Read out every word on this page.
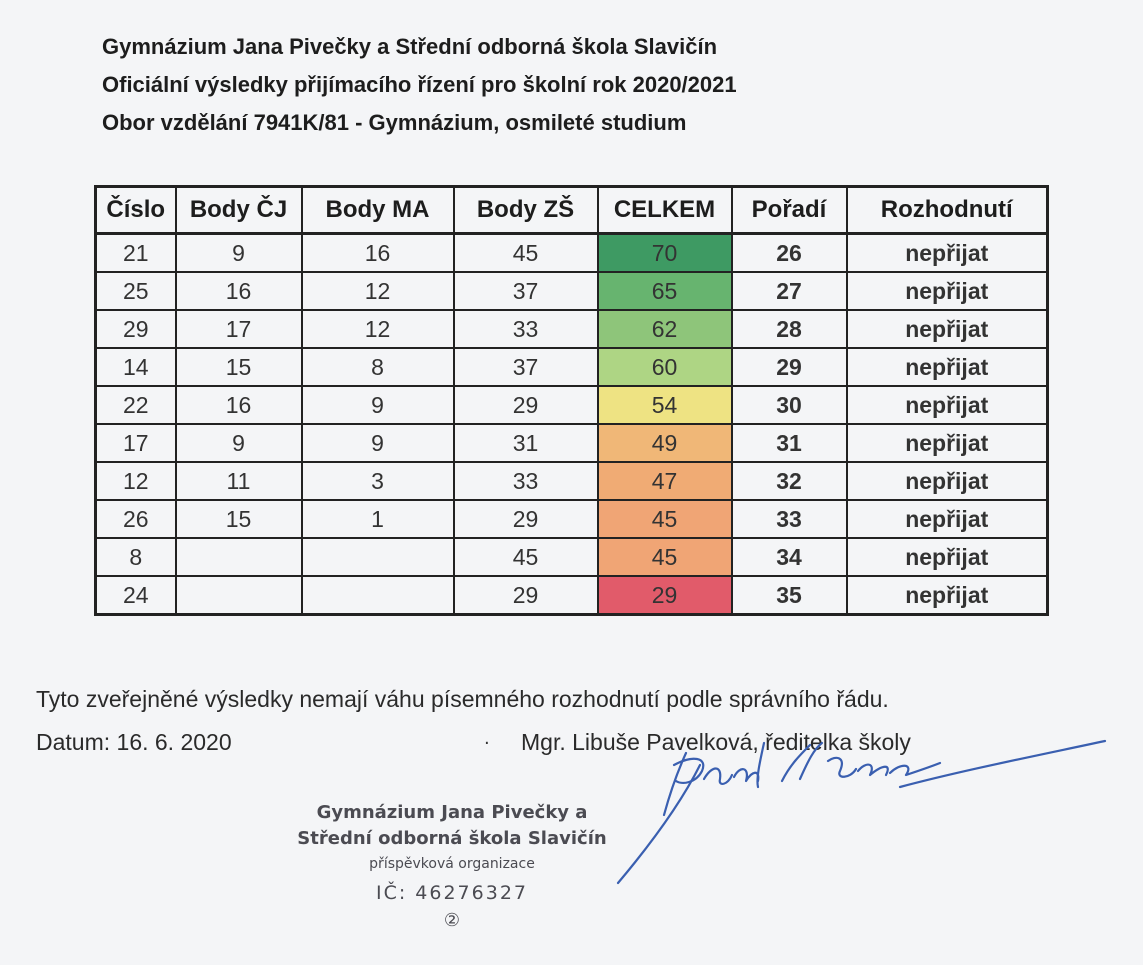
Gymnázium Jana Pivečky a Střední odborná škola Slavičín
Oficiální výsledky přijímacího řízení pro školní rok 2020/2021
Obor vzdělání 7941K/81 - Gymnázium, osmileté studium
Číslo	Body ČJ	Body MA	Body ZŠ	CELKEM	Pořadí	Rozhodnutí
21	9	16	45	70	26	nepřijat
25	16	12	37	65	27	nepřijat
29	17	12	33	62	28	nepřijat
14	15	8	37	60	29	nepřijat
22	16	9	29	54	30	nepřijat
17	9	9	31	49	31	nepřijat
12	11	3	33	47	32	nepřijat
26	15	1	29	45	33	nepřijat
8			45	45	34	nepřijat
24			29	29	35	nepřijat
Tyto zveřejněné výsledky nemají váhu písemného rozhodnutí podle správního řádu.
Datum: 16. 6. 2020	· Mgr. Libuše Pavelková, ředitelka školy
Gymnázium Jana Pivečky a
Střední odborná škola Slavičín
příspěvková organizace
IČ: 46276327
②
